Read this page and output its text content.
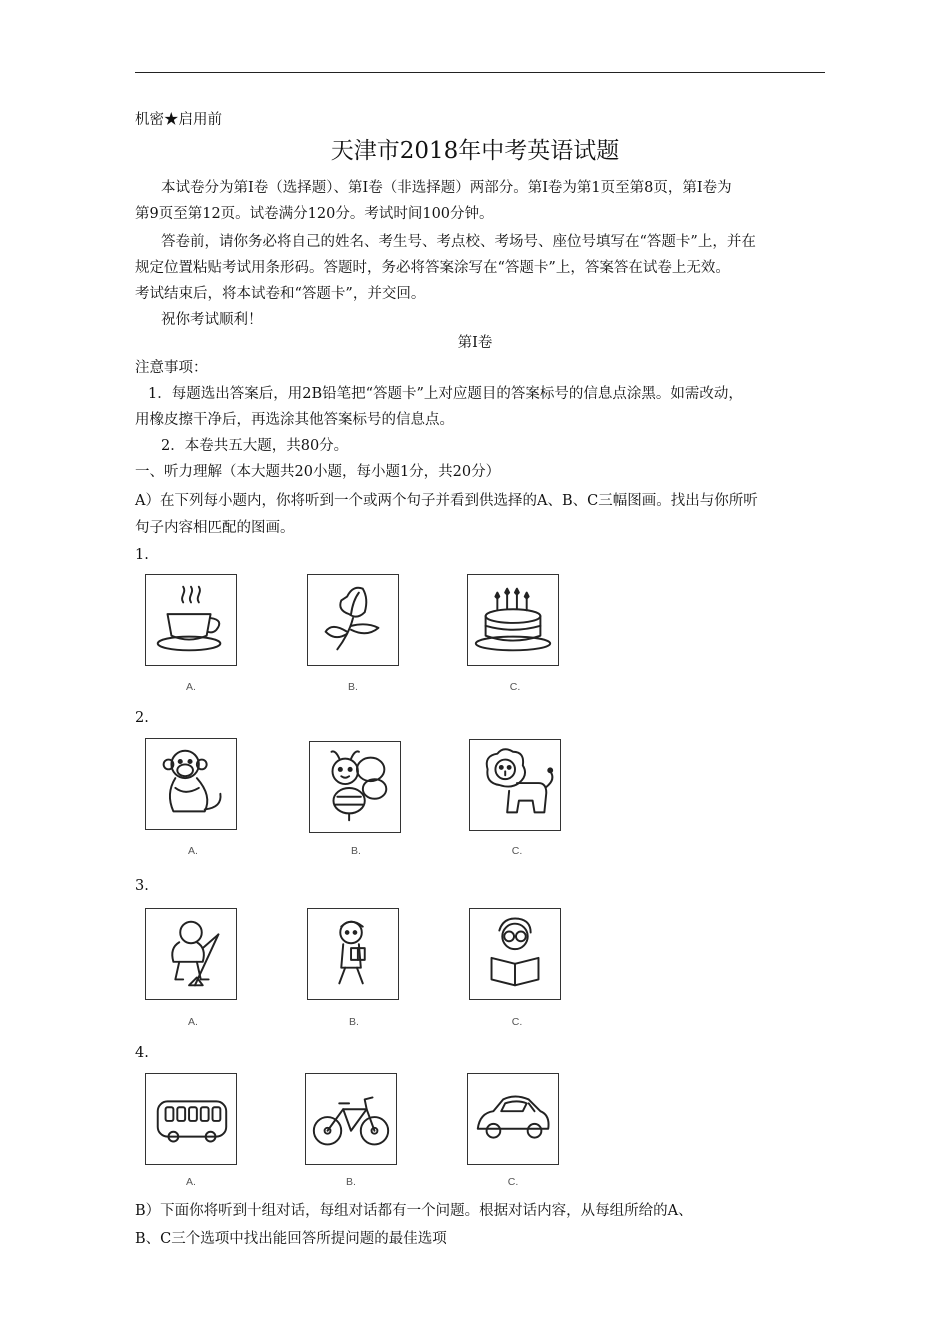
机密★启用前
天津市2018年中考英语试题
本试卷分为第Ⅰ卷（选择题）、第Ⅰ卷（非选择题）两部分。第Ⅰ卷为第1页至第8页，第Ⅰ卷为
第9页至第12页。试卷满分120分。考试时间100分钟。
答卷前，请你务必将自己的姓名、考生号、考点校、考场号、座位号填写在“答题卡”上，并在
规定位置粘贴考试用条形码。答题时，务必将答案涂写在“答题卡”上，答案答在试卷上无效。
考试结束后，将本试卷和“答题卡”，并交回。
祝你考试顺利！
第Ⅰ卷
注意事项：
1．每题选出答案后，用2B铅笔把“答题卡”上对应题目的答案标号的信息点涂黑。如需改动，
用橡皮擦干净后，再选涂其他答案标号的信息点。
2．本卷共五大题，共80分。
一、听力理解（本大题共20小题，每小题1分，共20分）
A）在下列每小题内，你将听到一个或两个句子并看到供选择的A、B、C三幅图画。找出与你所听
句子内容相匹配的图画。
1.
A.	B.	C.
2.
A.	B.	C.
3.
A.	B.	C.
4.
A.	B.	C.
B）下面你将听到十组对话，每组对话都有一个问题。根据对话内容，从每组所给的A、
B、C三个选项中找出能回答所提问题的最佳选项
